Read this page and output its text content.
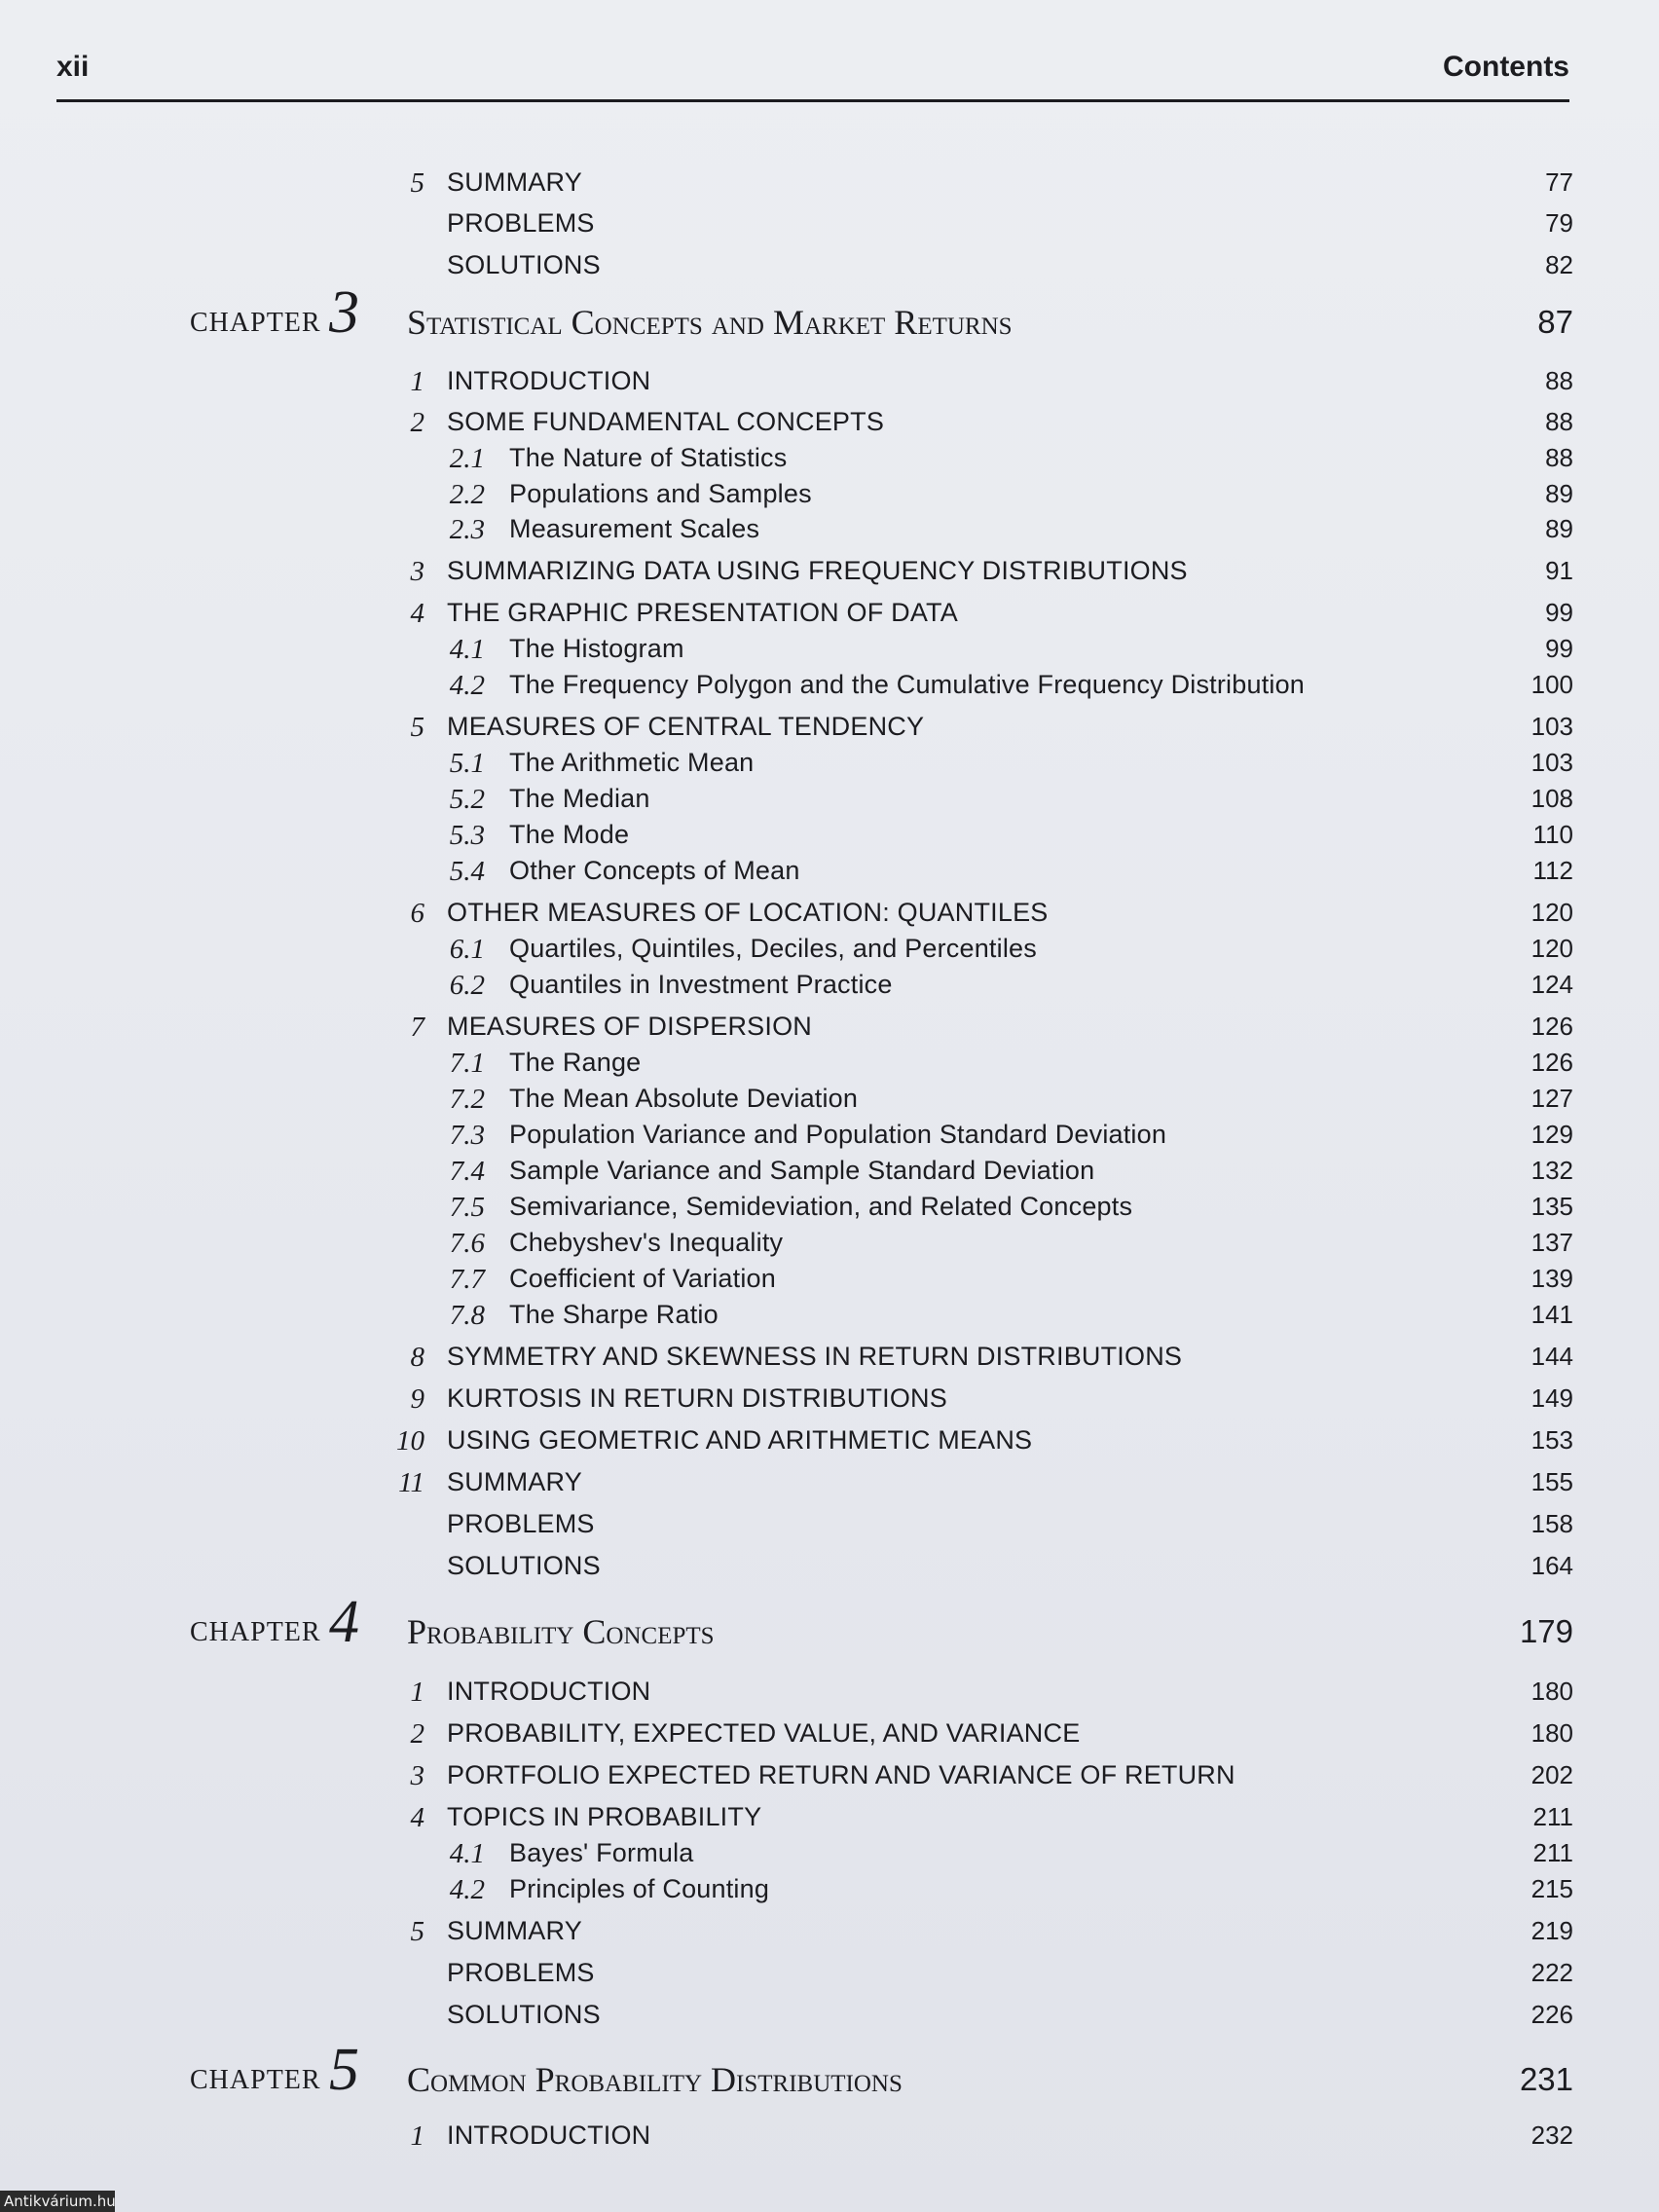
xii	Contents
5 SUMMARY	77
PROBLEMS	79
SOLUTIONS	82
CHAPTER 3 Statistical Concepts and Market Returns	87
1 INTRODUCTION	88
2 SOME FUNDAMENTAL CONCEPTS	88
2.1 The Nature of Statistics	88
2.2 Populations and Samples	89
2.3 Measurement Scales	89
3 SUMMARIZING DATA USING FREQUENCY DISTRIBUTIONS	91
4 THE GRAPHIC PRESENTATION OF DATA	99
4.1 The Histogram	99
4.2 The Frequency Polygon and the Cumulative Frequency Distribution	100
5 MEASURES OF CENTRAL TENDENCY	103
5.1 The Arithmetic Mean	103
5.2 The Median	108
5.3 The Mode	110
5.4 Other Concepts of Mean	112
6 OTHER MEASURES OF LOCATION: QUANTILES	120
6.1 Quartiles, Quintiles, Deciles, and Percentiles	120
6.2 Quantiles in Investment Practice	124
7 MEASURES OF DISPERSION	126
7.1 The Range	126
7.2 The Mean Absolute Deviation	127
7.3 Population Variance and Population Standard Deviation	129
7.4 Sample Variance and Sample Standard Deviation	132
7.5 Semivariance, Semideviation, and Related Concepts	135
7.6 Chebyshev's Inequality	137
7.7 Coefficient of Variation	139
7.8 The Sharpe Ratio	141
8 SYMMETRY AND SKEWNESS IN RETURN DISTRIBUTIONS	144
9 KURTOSIS IN RETURN DISTRIBUTIONS	149
10 USING GEOMETRIC AND ARITHMETIC MEANS	153
11 SUMMARY	155
PROBLEMS	158
SOLUTIONS	164
CHAPTER 4 Probability Concepts	179
1 INTRODUCTION	180
2 PROBABILITY, EXPECTED VALUE, AND VARIANCE	180
3 PORTFOLIO EXPECTED RETURN AND VARIANCE OF RETURN	202
4 TOPICS IN PROBABILITY	211
4.1 Bayes' Formula	211
4.2 Principles of Counting	215
5 SUMMARY	219
PROBLEMS	222
SOLUTIONS	226
CHAPTER 5 Common Probability Distributions	231
1 INTRODUCTION	232
Antikvárium.hu
